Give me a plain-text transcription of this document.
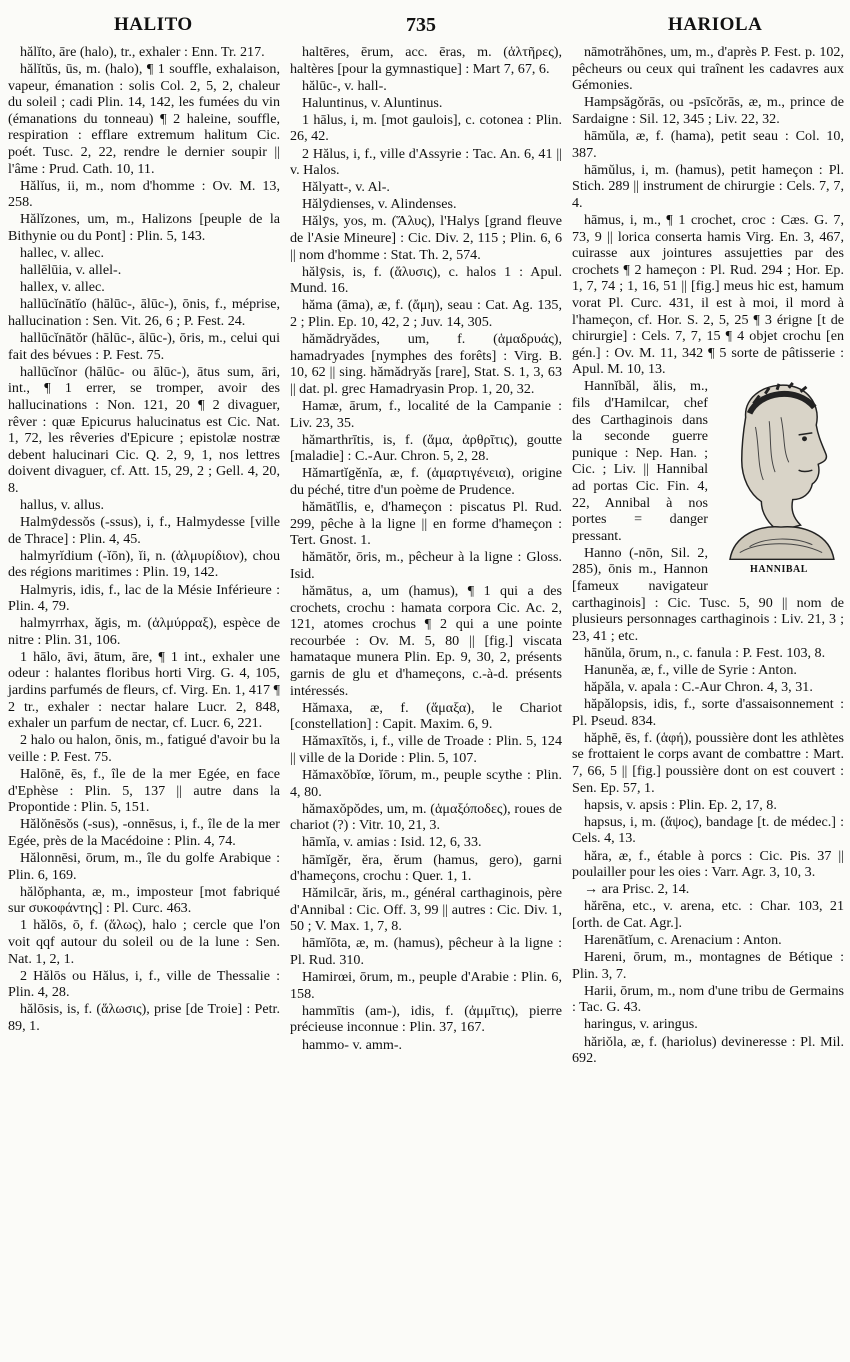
HALITO	735	HARIOLA

hălĭto, āre (halo), tr., exhaler : Enn. Tr. 217.

hălĭtŭs, ūs, m. (halo), ¶ 1 souffle, exhalaison, vapeur, émanation : solis Col. 2, 5, 2, chaleur du soleil ; cadi Plin. 14, 142, les fumées du vin (émanations du tonneau) ¶ 2 haleine, souffle, respiration : efflare extremum halitum Cic. poét. Tusc. 2, 22, rendre le dernier soupir || l'âme : Prud. Cath. 10, 11.

Hălĭus, ii, m., nom d'homme : Ov. M. 13, 258.

Hălĭzones, um, m., Halizons [peuple de la Bithynie ou du Pont] : Plin. 5, 143.

hallec, v. allec.

hallēlūia, v. allel-.

hallex, v. allec.

hallūcĭnātĭo (hālūc-, ālūc-), ōnis, f., méprise, hallucination : Sen. Vit. 26, 6 ; P. Fest. 24.

hallūcĭnātŏr (hālūc-, ālūc-), ōris, m., celui qui fait des bévues : P. Fest. 75.

hallūcĭnor (hālūc- ou ālūc-), ātus sum, āri, int., ¶ 1 errer, se tromper, avoir des hallucinations : Non. 121, 20 ¶ 2 divaguer, rêver : quæ Epicurus halucinatus est Cic. Nat. 1, 72, les rêveries d'Epicure ; epistolæ nostræ debent halucinari Cic. Q. 2, 9, 1, nos lettres doivent divaguer, cf. Att. 15, 29, 2 ; Gell. 4, 20, 8.

hallus, v. allus.

Halmȳdessŏs (-ssus), i, f., Halmydesse [ville de Thrace] : Plin. 4, 45.

halmyrĭdium (-ĭōn), ĭi, n. (ἁλμυρίδιον), chou des régions maritimes : Plin. 19, 142.

Halmyris, idis, f., lac de la Mésie Inférieure : Plin. 4, 79.

halmyrrhax, ăgis, m. (ἁλμύρραξ), espèce de nitre : Plin. 31, 106.

1 hālo, āvi, ātum, āre, ¶ 1 int., exhaler une odeur : halantes floribus horti Virg. G. 4, 105, jardins parfumés de fleurs, cf. Virg. En. 1, 417 ¶ 2 tr., exhaler : nectar halare Lucr. 2, 848, exhaler un parfum de nectar, cf. Lucr. 6, 221.

2 halo ou halon, ōnis, m., fatigué d'avoir bu la veille : P. Fest. 75.

Halōnē, ēs, f., île de la mer Egée, en face d'Ephèse : Plin. 5, 137 || autre dans la Propontide : Plin. 5, 151.

Hălŏnēsŏs (-sus), -onnēsus, i, f., île de la mer Egée, près de la Macédoine : Plin. 4, 74.

Hălonnēsi, ōrum, m., île du golfe Arabique : Plin. 6, 169.

hălŏphanta, æ, m., imposteur [mot fabriqué sur συκοφάντης] : Pl. Curc. 463.

1 hălōs, ō, f. (ἅλως), halo ; cercle que l'on voit qqf autour du soleil ou de la lune : Sen. Nat. 1, 2, 1.

2 Hălōs ou Hălus, i, f., ville de Thessalie : Plin. 4, 28.

hălōsis, is, f. (ἅλωσις), prise [de Troie] : Petr. 89, 1.

haltēres, ērum, acc. ēras, m. (ἁλτῆρες), haltères [pour la gymnastique] : Mart 7, 67, 6.

hălūc-, v. hall-.

Haluntinus, v. Aluntinus.

1 hālus, i, m. [mot gaulois], c. cotonea : Plin. 26, 42.

2 Hălus, i, f., ville d'Assyrie : Tac. An. 6, 41 || v. Halos.

Hălyatt-, v. Al-.

Hălȳdienses, v. Alindenses.

Hălȳs, yos, m. (Ἅλυς), l'Halys [grand fleuve de l'Asie Mineure] : Cic. Div. 2, 115 ; Plin. 6, 6 || nom d'homme : Stat. Th. 2, 574.

hălȳsis, is, f. (ἅλυσις), c. halos 1 : Apul. Mund. 16.

hăma (āma), æ, f. (ἄμη), seau : Cat. Ag. 135, 2 ; Plin. Ep. 10, 42, 2 ; Juv. 14, 305.

hămădryădes, um, f. (ἁμαδρυάς), hamadryades [nymphes des forêts] : Virg. B. 10, 62 || sing. hămădryăs [rare], Stat. S. 1, 3, 63 || dat. pl. grec Hamadryasin Prop. 1, 20, 32.

Hamæ, ārum, f., localité de la Campanie : Liv. 23, 35.

hămarthrītis, is, f. (ἅμα, ἀρθρῖτις), goutte [maladie] : C.-Aur. Chron. 5, 2, 28.

Hămartĭgĕnĭa, æ, f. (ἁμαρτιγένεια), origine du péché, titre d'un poème de Prudence.

hămātĭlis, e, d'hameçon : piscatus Pl. Rud. 299, pêche à la ligne || en forme d'hameçon : Tert. Gnost. 1.

hămātŏr, ōris, m., pêcheur à la ligne : Gloss. Isid.

hămātus, a, um (hamus), ¶ 1 qui a des crochets, crochu : hamata corpora Cic. Ac. 2, 121, atomes crochus ¶ 2 qui a une pointe recourbée : Ov. M. 5, 80 || [fig.] viscata hamataque munera Plin. Ep. 9, 30, 2, présents garnis de glu et d'hameçons, c.-à-d. présents intéressés.

Hămaxa, æ, f. (ἅμαξα), le Chariot [constellation] : Capit. Maxim. 6, 9.

Hămaxītŏs, i, f., ville de Troade : Plin. 5, 124 || ville de la Doride : Plin. 5, 107.

Hămaxŏbĭœ, ĭōrum, m., peuple scythe : Plin. 4, 80.

hămaxŏpŏdes, um, m. (ἁμαξόποδες), roues de chariot (?) : Vitr. 10, 21, 3.

hāmĭa, v. amias : Isid. 12, 6, 33.

hāmĭgĕr, ĕra, ĕrum (hamus, gero), garni d'hameçons, crochu : Quer. 1, 1.

Hămilcār, ăris, m., général carthaginois, père d'Annibal : Cic. Off. 3, 99 || autres : Cic. Div. 1, 50 ; V. Max. 1, 7, 8.

hāmĭōta, æ, m. (hamus), pêcheur à la ligne : Pl. Rud. 310.

Hamirœi, ōrum, m., peuple d'Arabie : Plin. 6, 158.

hammītis (am-), idis, f. (ἀμμῖτις), pierre précieuse inconnue : Plin. 37, 167.

hammo- v. amm-.

nāmotrăhōnes, um, m., d'après P. Fest. p. 102, pêcheurs ou ceux qui traînent les cadavres aux Gémonies.

Hampsăgŏrās, ou -psīcŏrās, æ, m., prince de Sardaigne : Sil. 12, 345 ; Liv. 22, 32.

hāmŭla, æ, f. (hama), petit seau : Col. 10, 387.

hāmŭlus, i, m. (hamus), petit hameçon : Pl. Stich. 289 || instrument de chirurgie : Cels. 7, 7, 4.

hāmus, i, m., ¶ 1 crochet, croc : Cæs. G. 7, 73, 9 || lorica conserta hamis Virg. En. 3, 467, cuirasse aux jointures assujetties par des crochets ¶ 2 hameçon : Pl. Rud. 294 ; Hor. Ep. 1, 7, 74 ; 1, 16, 51 || [fig.] meus hic est, hamum vorat Pl. Curc. 431, il est à moi, il mord à l'hameçon, cf. Hor. S. 2, 5, 25 ¶ 3 érigne [t de chirurgie] : Cels. 7, 7, 15 ¶ 4 objet crochu [en gén.] : Ov. M. 11, 342 ¶ 5 sorte de pâtisserie : Apul. M. 10, 13.

HANNIBAL

Hannĭbăl, ălis, m., fils d'Hamilcar, chef des Carthaginois dans la seconde guerre punique : Nep. Han. ; Cic. ; Liv. || Hannibal ad portas Cic. Fin. 4, 22, Annibal à nos portes = danger pressant.

Hanno (-nōn, Sil. 2, 285), ōnis m., Hannon [fameux navigateur carthaginois] : Cic. Tusc. 5, 90 || nom de plusieurs personnages carthaginois : Liv. 21, 3 ; 23, 41 ; etc.

hānŭla, ōrum, n., c. fanula : P. Fest. 103, 8.

Hanunĕa, æ, f., ville de Syrie : Anton.

hăpăla, v. apala : C.-Aur Chron. 4, 3, 31.

hăpălopsis, idis, f., sorte d'assaisonnement : Pl. Pseud. 834.

hăphē, ēs, f. (ἁφή), poussière dont les athlètes se frottaient le corps avant de combattre : Mart. 7, 66, 5 || [fig.] poussière dont on est couvert : Sen. Ep. 57, 1.

hapsis, v. apsis : Plin. Ep. 2, 17, 8.

hapsus, i, m. (ἅψος), bandage [t. de médec.] : Cels. 4, 13.

hăra, æ, f., étable à porcs : Cic. Pis. 37 || poulailler pour les oies : Varr. Agr. 3, 10, 3.

→ ara Prisc. 2, 14.

hărēna, etc., v. arena, etc. : Char. 103, 21 [orth. de Cat. Agr.].

Harenātĭum, c. Arenacium : Anton.

Hareni, ōrum, m., montagnes de Bétique : Plin. 3, 7.

Harii, ōrum, m., nom d'une tribu de Germains : Tac. G. 43.

haringus, v. aringus.

hăriŏla, æ, f. (hariolus) devineresse : Pl. Mil. 692.
